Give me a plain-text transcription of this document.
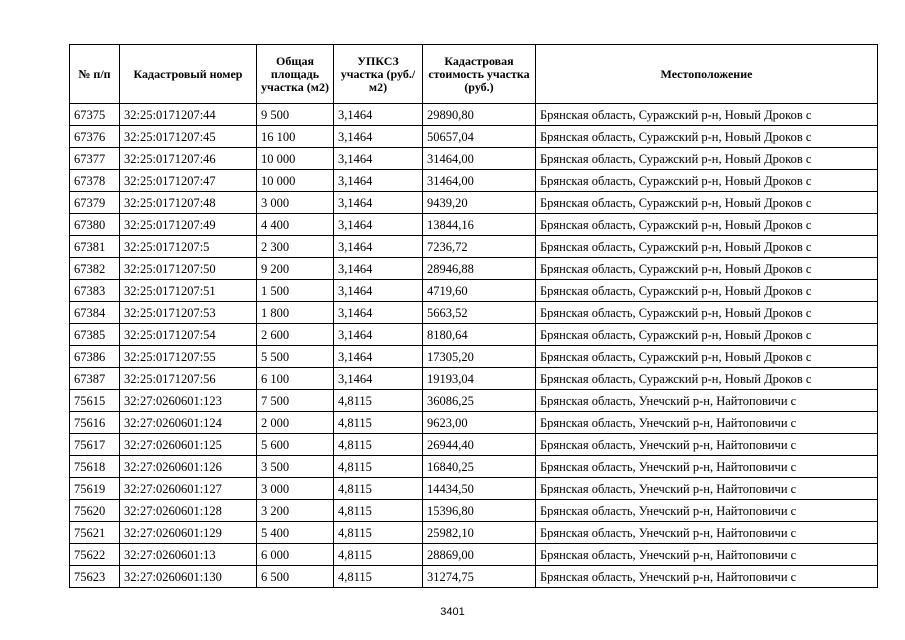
№ п/п	Кадастровый номер	Общая площадь участка (м2)	УПКСЗ участка (руб./м2)	Кадастровая стоимость участка (руб.)	Местоположение
67375	32:25:0171207:44	9 500	3,1464	29890,80	Брянская область, Суражский р-н, Новый Дроков с
67376	32:25:0171207:45	16 100	3,1464	50657,04	Брянская область, Суражский р-н, Новый Дроков с
67377	32:25:0171207:46	10 000	3,1464	31464,00	Брянская область, Суражский р-н, Новый Дроков с
67378	32:25:0171207:47	10 000	3,1464	31464,00	Брянская область, Суражский р-н, Новый Дроков с
67379	32:25:0171207:48	3 000	3,1464	9439,20	Брянская область, Суражский р-н, Новый Дроков с
67380	32:25:0171207:49	4 400	3,1464	13844,16	Брянская область, Суражский р-н, Новый Дроков с
67381	32:25:0171207:5	2 300	3,1464	7236,72	Брянская область, Суражский р-н, Новый Дроков с
67382	32:25:0171207:50	9 200	3,1464	28946,88	Брянская область, Суражский р-н, Новый Дроков с
67383	32:25:0171207:51	1 500	3,1464	4719,60	Брянская область, Суражский р-н, Новый Дроков с
67384	32:25:0171207:53	1 800	3,1464	5663,52	Брянская область, Суражский р-н, Новый Дроков с
67385	32:25:0171207:54	2 600	3,1464	8180,64	Брянская область, Суражский р-н, Новый Дроков с
67386	32:25:0171207:55	5 500	3,1464	17305,20	Брянская область, Суражский р-н, Новый Дроков с
67387	32:25:0171207:56	6 100	3,1464	19193,04	Брянская область, Суражский р-н, Новый Дроков с
75615	32:27:0260601:123	7 500	4,8115	36086,25	Брянская область, Унечский р-н, Найтоповичи с
75616	32:27:0260601:124	2 000	4,8115	9623,00	Брянская область, Унечский р-н, Найтоповичи с
75617	32:27:0260601:125	5 600	4,8115	26944,40	Брянская область, Унечский р-н, Найтоповичи с
75618	32:27:0260601:126	3 500	4,8115	16840,25	Брянская область, Унечский р-н, Найтоповичи с
75619	32:27:0260601:127	3 000	4,8115	14434,50	Брянская область, Унечский р-н, Найтоповичи с
75620	32:27:0260601:128	3 200	4,8115	15396,80	Брянская область, Унечский р-н, Найтоповичи с
75621	32:27:0260601:129	5 400	4,8115	25982,10	Брянская область, Унечский р-н, Найтоповичи с
75622	32:27:0260601:13	6 000	4,8115	28869,00	Брянская область, Унечский р-н, Найтоповичи с
75623	32:27:0260601:130	6 500	4,8115	31274,75	Брянская область, Унечский р-н, Найтоповичи с
3401
